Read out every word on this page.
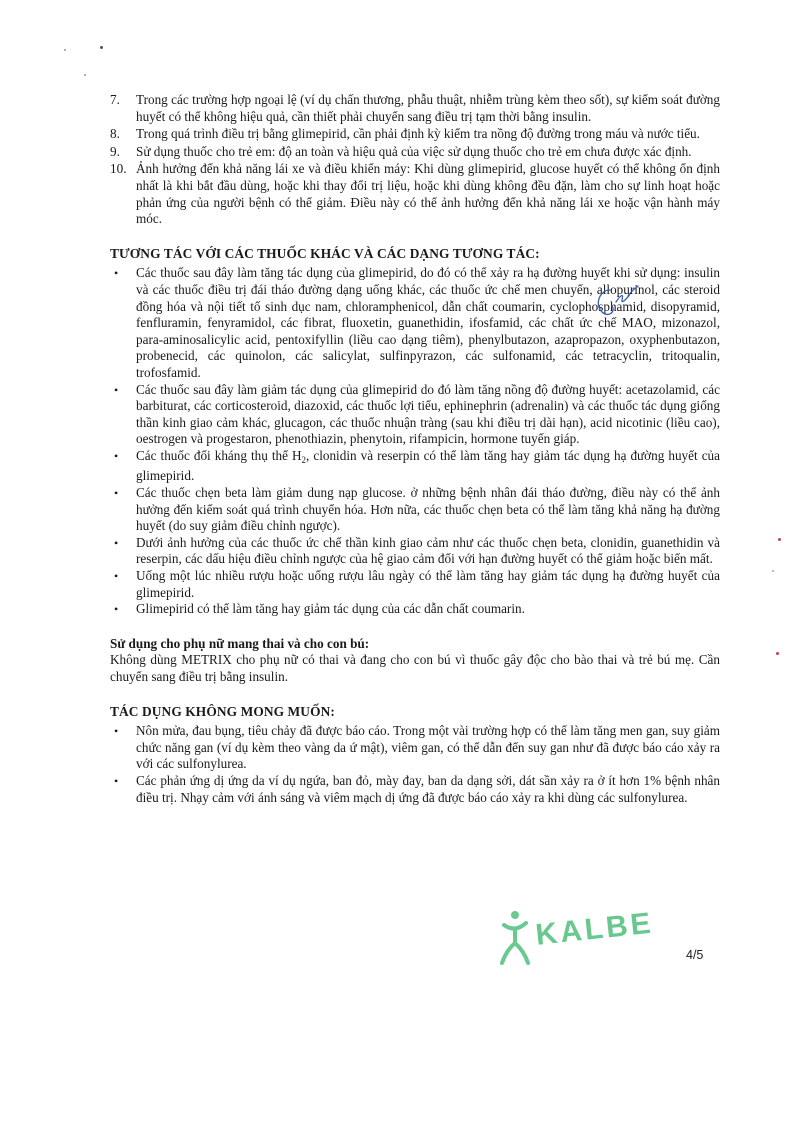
7. Trong các trường hợp ngoại lệ (ví dụ chấn thương, phẫu thuật, nhiễm trùng kèm theo sốt), sự kiểm soát đường huyết có thể không hiệu quả, cần thiết phải chuyển sang điều trị tạm thời bằng insulin.
8. Trong quá trình điều trị bằng glimepirid, cần phải định kỳ kiểm tra nồng độ đường trong máu và nước tiểu.
9. Sử dụng thuốc cho trẻ em: độ an toàn và hiệu quả của việc sử dụng thuốc cho trẻ em chưa được xác định.
10. Ảnh hưởng đến khả năng lái xe và điều khiển máy: Khi dùng glimepirid, glucose huyết có thể không ổn định nhất là khi bắt đầu dùng, hoặc khi thay đổi trị liệu, hoặc khi dùng không đều đặn, làm cho sự linh hoạt hoặc phản ứng của người bệnh có thể giảm. Điều này có thể ảnh hưởng đến khả năng lái xe hoặc vận hành máy móc.
TƯƠNG TÁC VỚI CÁC THUỐC KHÁC VÀ CÁC DẠNG TƯƠNG TÁC:
• Các thuốc sau đây làm tăng tác dụng của glimepirid, do đó có thể xảy ra hạ đường huyết khi sử dụng: insulin và các thuốc điều trị đái tháo đường dạng uống khác, các thuốc ức chế men chuyển, allopurinol, các steroid đồng hóa và nội tiết tố sinh dục nam, chloramphenicol, dẫn chất coumarin, cyclophosphamid, disopyramid, fenfluramin, fenyramidol, các fibrat, fluoxetin, guanethidin, ifosfamid, các chất ức chế MAO, mizonazol, para-aminosalicylic acid, pentoxifyllin (liều cao dạng tiêm), phenylbutazon, azapropazon, oxyphenbutazon, probenecid, các quinolon, các salicylat, sulfinpyrazon, các sulfonamid, các tetracyclin, tritoqualin, trofosfamid.
• Các thuốc sau đây làm giảm tác dụng của glimepirid do đó làm tăng nồng độ đường huyết: acetazolamid, các barbiturat, các corticosteroid, diazoxid, các thuốc lợi tiểu, ephinephrin (adrenalin) và các thuốc tác dụng giống thần kinh giao cảm khác, glucagon, các thuốc nhuận tràng (sau khi điều trị dài hạn), acid nicotinic (liều cao), oestrogen và progestaron, phenothiazin, phenytoin, rifampicin, hormone tuyến giáp.
• Các thuốc đối kháng thụ thể $H_2$, clonidin và reserpin có thể làm tăng hay giảm tác dụng hạ đường huyết của glimepirid.
• Các thuốc chẹn beta làm giảm dung nạp glucose. ở những bệnh nhân đái tháo đường, điều này có thể ảnh hưởng đến kiểm soát quá trình chuyển hóa. Hơn nữa, các thuốc chẹn beta có thể làm tăng khả năng hạ đường huyết (do suy giảm điều chỉnh ngược).
• Dưới ảnh hưởng của các thuốc ức chế thần kinh giao cảm như các thuốc chẹn beta, clonidin, guanethidin và reserpin, các dấu hiệu điều chỉnh ngược của hệ giao cảm đối với hạn đường huyết có thể giảm hoặc biến mất.
• Uống một lúc nhiều rượu hoặc uống rượu lâu ngày có thể làm tăng hay giảm tác dụng hạ đường huyết của glimepirid.
• Glimepirid có thể làm tăng hay giảm tác dụng của các dẫn chất coumarin.
Sử dụng cho phụ nữ mang thai và cho con bú:

Không dùng METRIX cho phụ nữ có thai và đang cho con bú vì thuốc gây độc cho bào thai và trẻ bú mẹ. Cần chuyển sang điều trị bằng insulin.

TÁC DỤNG KHÔNG MONG MUỐN:
• Nôn mửa, đau bụng, tiêu chảy đã được báo cáo. Trong một vài trường hợp có thể làm tăng men gan, suy giảm chức năng gan (ví dụ kèm theo vàng da ứ mật), viêm gan, có thể dẫn đến suy gan như đã được báo cáo xảy ra với các sulfonylurea.
• Các phản ứng dị ứng da ví dụ ngứa, ban đỏ, mày đay, ban da dạng sởi, dát sần xảy ra ở ít hơn 1% bệnh nhân điều trị. Nhạy cảm với ánh sáng và viêm mạch dị ứng đã được báo cáo xảy ra khi dùng các sulfonylurea.
KALBE
4/5
